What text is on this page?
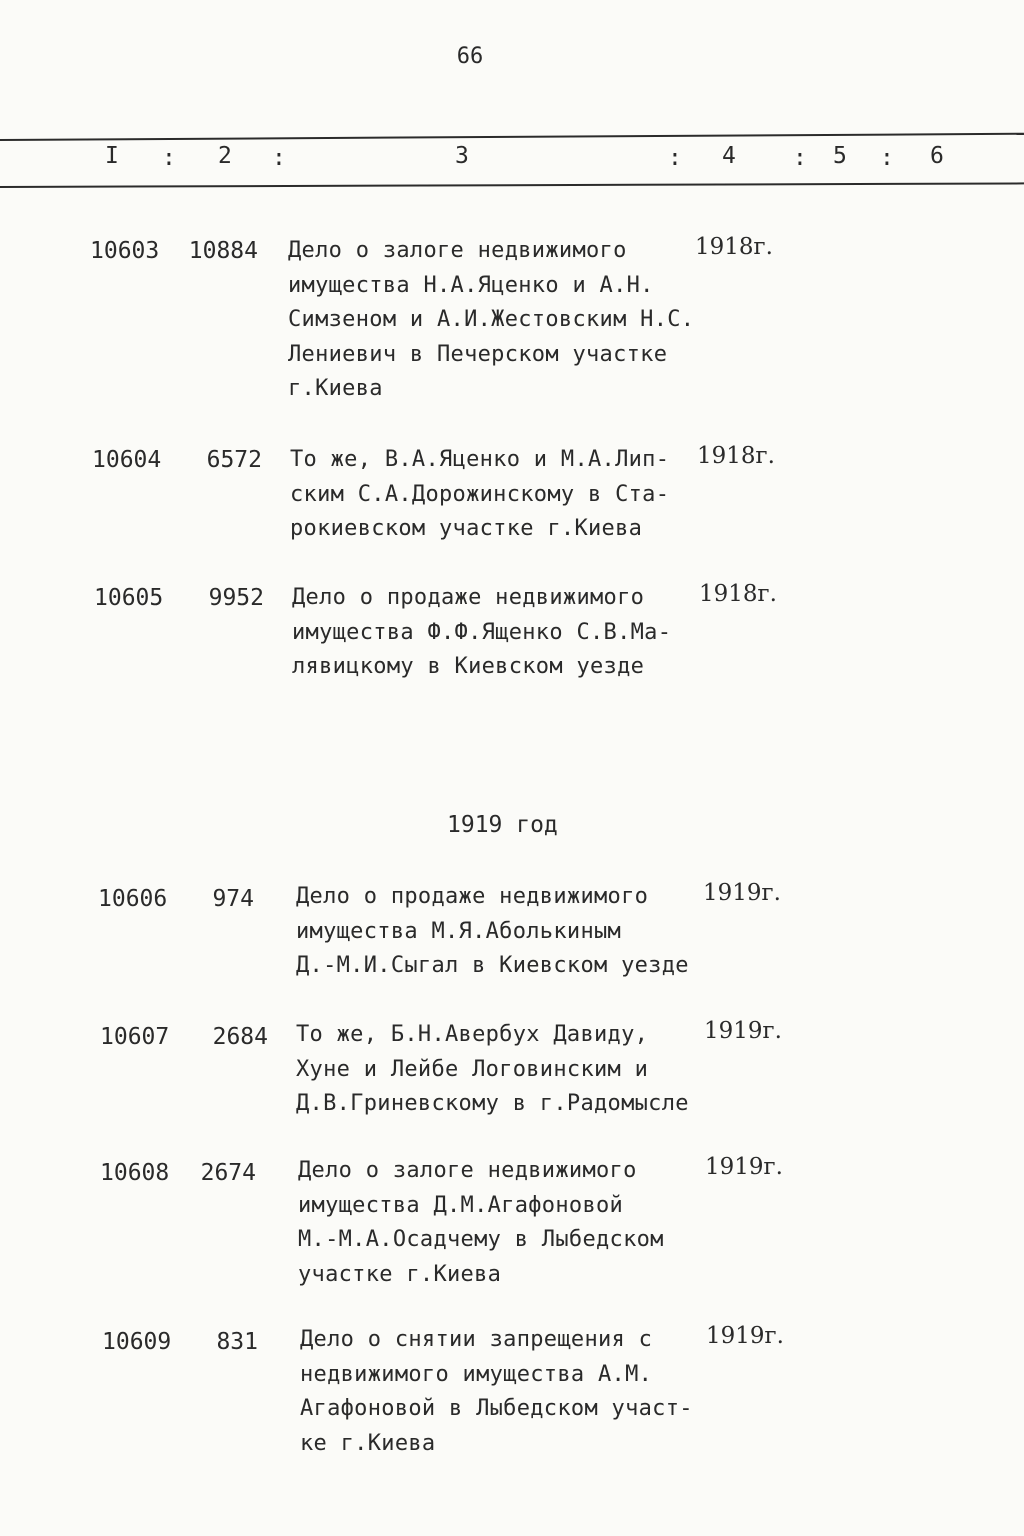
66
I : 2 :	3	: 4 : 5 : 6
10603	10884 Дело о залоге недвижимого
имущества Н.А.Яценко и А.Н.
Симзеном и А.И.Жестовским Н.С.
Лениевич в Печерском участке
г.Киева
1918г.
10604	6572 То же, В.А.Яценко и М.А.Лип-
ским С.А.Дорожинскому в Ста-
рокиевском участке г.Киева
1918г.
10605	9952 Дело о продаже недвижимого
имущества Ф.Ф.Ященко С.В.Ма-
лявицкому в Киевском уезде
1918г.
1919 год
10606	974 Дело о продаже недвижимого
имущества М.Я.Аболькиным
Д.-М.И.Сыгал в Киевском уезде
1919г.
10607	2684 То же, Б.Н.Авербух Давиду,
Хуне и Лейбе Логовинским и
Д.В.Гриневскому в г.Радомысле
1919г.
10608	2674 Дело о залоге недвижимого
имущества Д.М.Агафоновой
М.-М.А.Осадчему в Лыбедском
участке г.Киева
1919г.
10609	831 Дело о снятии запрещения с
недвижимого имущества А.М.
Агафоновой в Лыбедском участ-
ке г.Киева
1919г.
